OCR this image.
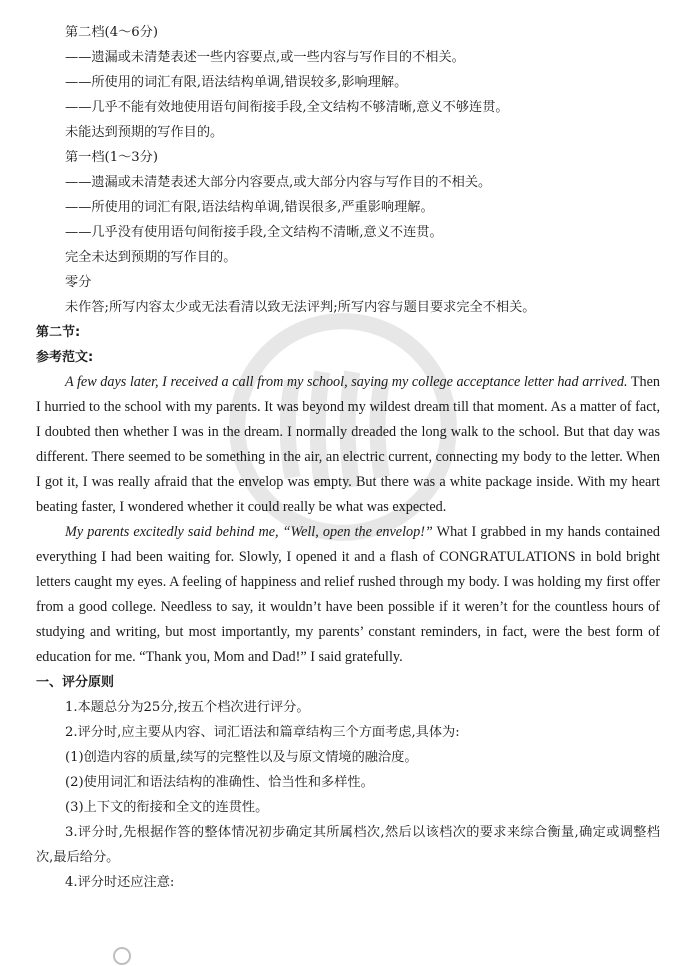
第二档(4～6分)
——遗漏或未清楚表述一些内容要点,或一些内容与写作目的不相关。
——所使用的词汇有限,语法结构单调,错误较多,影响理解。
——几乎不能有效地使用语句间衔接手段,全文结构不够清晰,意义不够连贯。
未能达到预期的写作目的。
第一档(1～3分)
——遗漏或未清楚表述大部分内容要点,或大部分内容与写作目的不相关。
——所使用的词汇有限,语法结构单调,错误很多,严重影响理解。
——几乎没有使用语句间衔接手段,全文结构不清晰,意义不连贯。
完全未达到预期的写作目的。
零分
未作答;所写内容太少或无法看清以致无法评判;所写内容与题目要求完全不相关。
第二节:
参考范文:

A few days later, I received a call from my school, saying my college acceptance letter had arrived. Then I hurried to the school with my parents. It was beyond my wildest dream till that moment. As a matter of fact, I doubted then whether I was in the dream. I normally dreaded the long walk to the school. But that day was different. There seemed to be something in the air, an electric current, connecting my body to the letter. When I got it, I was really afraid that the envelop was empty. But there was a white package inside. With my heart beating faster, I wondered whether it could really be what was expected.

My parents excitedly said behind me, “Well, open the envelop!” What I grabbed in my hands contained everything I had been waiting for. Slowly, I opened it and a flash of CONGRATULATIONS in bold bright letters caught my eyes. A feeling of happiness and relief rushed through my body. I was holding my first offer from a good college. Needless to say, it wouldn’t have been possible if it weren’t for the countless hours of studying and writing, but most importantly, my parents’ constant reminders, in fact, were the best form of education for me. “Thank you, Mom and Dad!” I said gratefully.

一、评分原则
1.本题总分为25分,按五个档次进行评分。
2.评分时,应主要从内容、词汇语法和篇章结构三个方面考虑,具体为:
(1)创造内容的质量,续写的完整性以及与原文情境的融洽度。
(2)使用词汇和语法结构的准确性、恰当性和多样性。
(3)上下文的衔接和全文的连贯性。

3.评分时,先根据作答的整体情况初步确定其所属档次,然后以该档次的要求来综合衡量,确定或调整档次,最后给分。

4.评分时还应注意:
